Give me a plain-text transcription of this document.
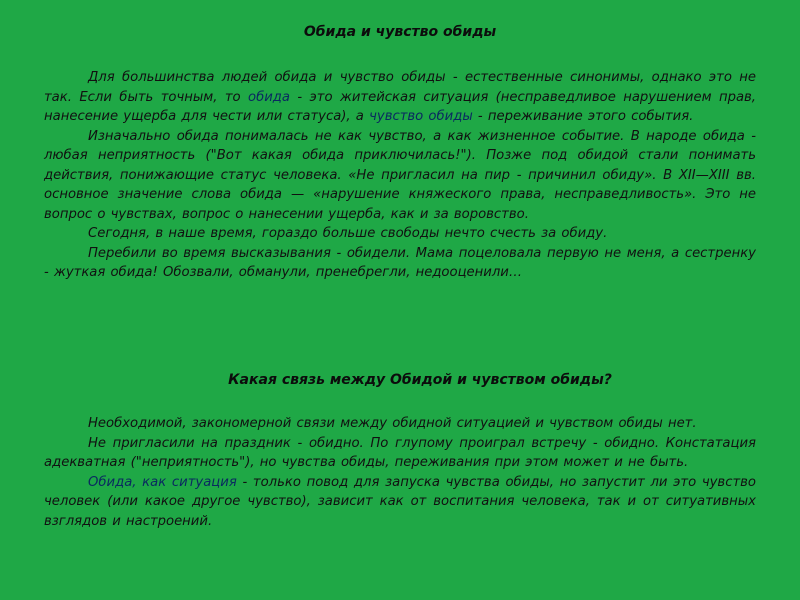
Обида и чувство обиды

Для большинства людей обида и чувство обиды - естественные синонимы, однако это не так. Если быть точным, то обида - это житейская ситуация (несправедливое нарушением прав, нанесение ущерба для чести или статуса), а чувство обиды - переживание этого события.

Изначально обида понималась не как чувство, а как жизненное событие. В народе обида - любая неприятность ("Вот какая обида приключилась!"). Позже под обидой стали понимать действия, понижающие статус человека. «Не пригласил на пир - причинил обиду». В XII—XIII вв. основное значение слова обида — «нарушение княжеского права, несправедливость». Это не вопрос о чувствах, вопрос о нанесении ущерба, как и за воровство.

Сегодня, в наше время, гораздо больше свободы нечто счесть за обиду.

Перебили во время высказывания - обидели. Мама поцеловала первую не меня, а сестренку - жуткая обида! Обозвали, обманули, пренебрегли, недооценили…

Какая связь между Обидой и чувством обиды?

Необходимой, закономерной связи между обидной ситуацией и чувством обиды нет.

Не пригласили на праздник - обидно. По глупому проиграл встречу - обидно. Констатация адекватная ("неприятность"), но чувства обиды, переживания при этом может и не быть.

Обида, как ситуация - только повод для запуска чувства обиды, но запустит ли это чувство человек (или какое другое чувство), зависит как от воспитания человека, так и от ситуативных взглядов и настроений.
